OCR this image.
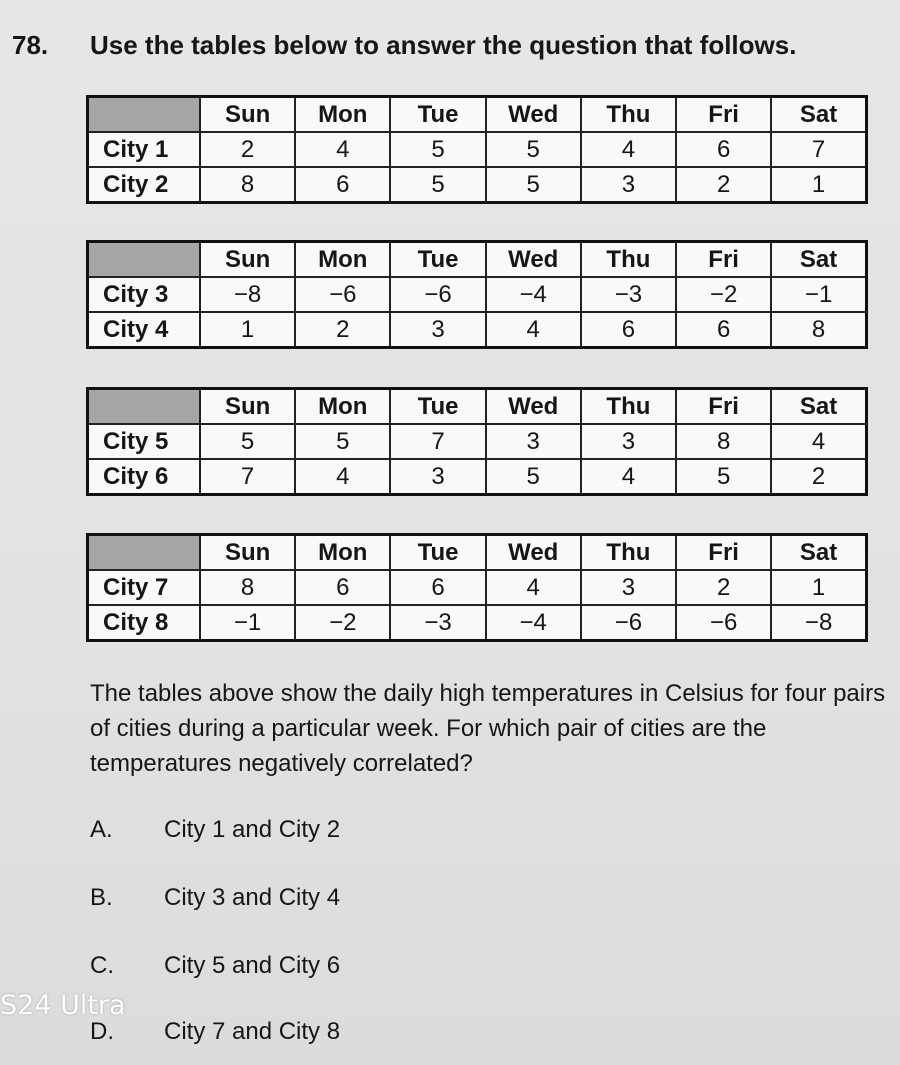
78. Use the tables below to answer the question that follows.
	Sun	Mon	Tue	Wed	Thu	Fri	Sat
City 1	2	4	5	5	4	6	7
City 2	8	6	5	5	3	2	1
	Sun	Mon	Tue	Wed	Thu	Fri	Sat
City 3	−8	−6	−6	−4	−3	−2	−1
City 4	1	2	3	4	6	6	8
	Sun	Mon	Tue	Wed	Thu	Fri	Sat
City 5	5	5	7	3	3	8	4
City 6	7	4	3	5	4	5	2
	Sun	Mon	Tue	Wed	Thu	Fri	Sat
City 7	8	6	6	4	3	2	1
City 8	−1	−2	−3	−4	−6	−6	−8
The tables above show the daily high temperatures in Celsius for four pairs of cities during a particular week. For which pair of cities are the temperatures negatively correlated?
A. City 1 and City 2
B. City 3 and City 4
C. City 5 and City 6
D. City 7 and City 8
S24 Ultra
